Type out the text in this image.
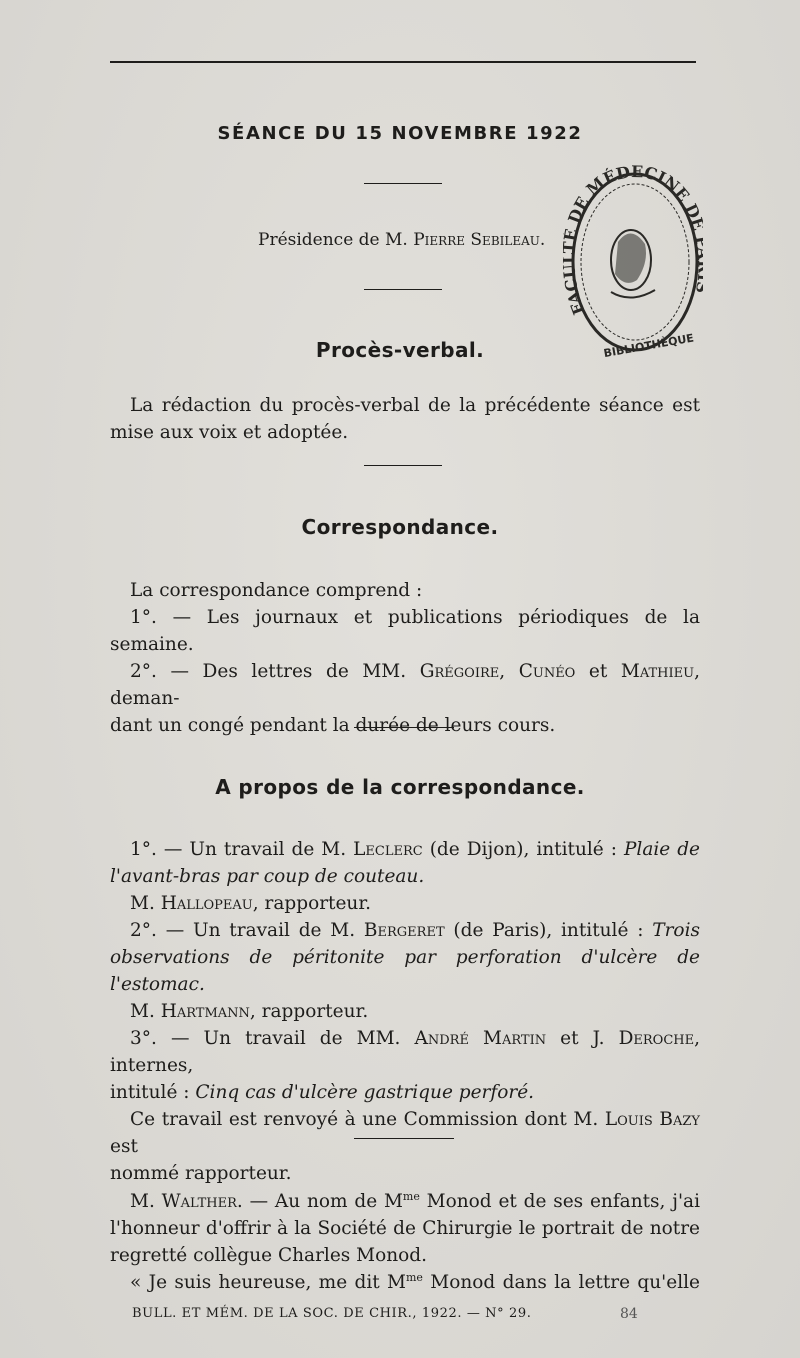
SÉANCE DU 15 NOVEMBRE 1922
Présidence de M. Pierre Sebileau.
FA DE MÉDECINE D
BIBLIOTHÈQUE
Procès-verbal.
La rédaction du procès-verbal de la précédente séance est
mise aux voix et adoptée.
Correspondance.
La correspondance comprend :
1°. — Les journaux et publications périodiques de la semaine.
2°. — Des lettres de MM. Grégoire, Cunéo et Mathieu, deman-
dant un congé pendant la durée de leurs cours.
A propos de la correspondance.
1°. — Un travail de M. Leclerc (de Dijon), intitulé : Plaie de
l'avant-bras par coup de couteau.
M. Hallopeau, rapporteur.
2°. — Un travail de M. Bergeret (de Paris), intitulé : Trois
observations de péritonite par perforation d'ulcère de l'estomac.
M. Hartmann, rapporteur.
3°. — Un travail de MM. André Martin et J. Deroche, internes,
intitulé : Cinq cas d'ulcère gastrique perforé.
Ce travail est renvoyé à une Commission dont M. Louis Bazy est
nommé rapporteur.
M. Walther. — Au nom de $M^{me}$ Monod et de ses enfants, j'ai
l'honneur d'offrir à la Société de Chirurgie le portrait de notre
regretté collègue Charles Monod.
« Je suis heureuse, me dit $M^{me}$ Monod dans la lettre qu'elle
BULL. ET MÉM. DE LA SOC. DE CHIR., 1922. — N° 29.	84
